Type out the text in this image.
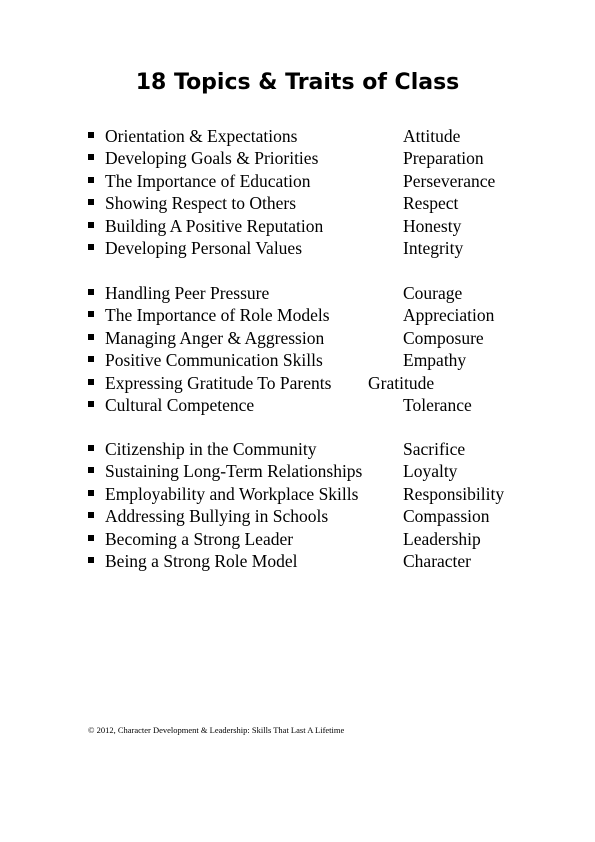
18 Topics & Traits of Class
Orientation & Expectations	Attitude
Developing Goals & Priorities	Preparation
The Importance of Education	Perseverance
Showing Respect to Others	Respect
Building A Positive Reputation	Honesty
Developing Personal Values	Integrity
Handling Peer Pressure	Courage
The Importance of Role Models	Appreciation
Managing Anger & Aggression	Composure
Positive Communication Skills	Empathy
Expressing Gratitude To Parents Gratitude
Cultural Competence	Tolerance
Citizenship in the Community	Sacrifice
Sustaining Long-Term Relationships Loyalty
Employability and Workplace Skills	Responsibility
Addressing Bullying in Schools	Compassion
Becoming a Strong Leader	Leadership
Being a Strong Role Model	Character
© 2012, Character Development & Leadership: Skills That Last A Lifetime
